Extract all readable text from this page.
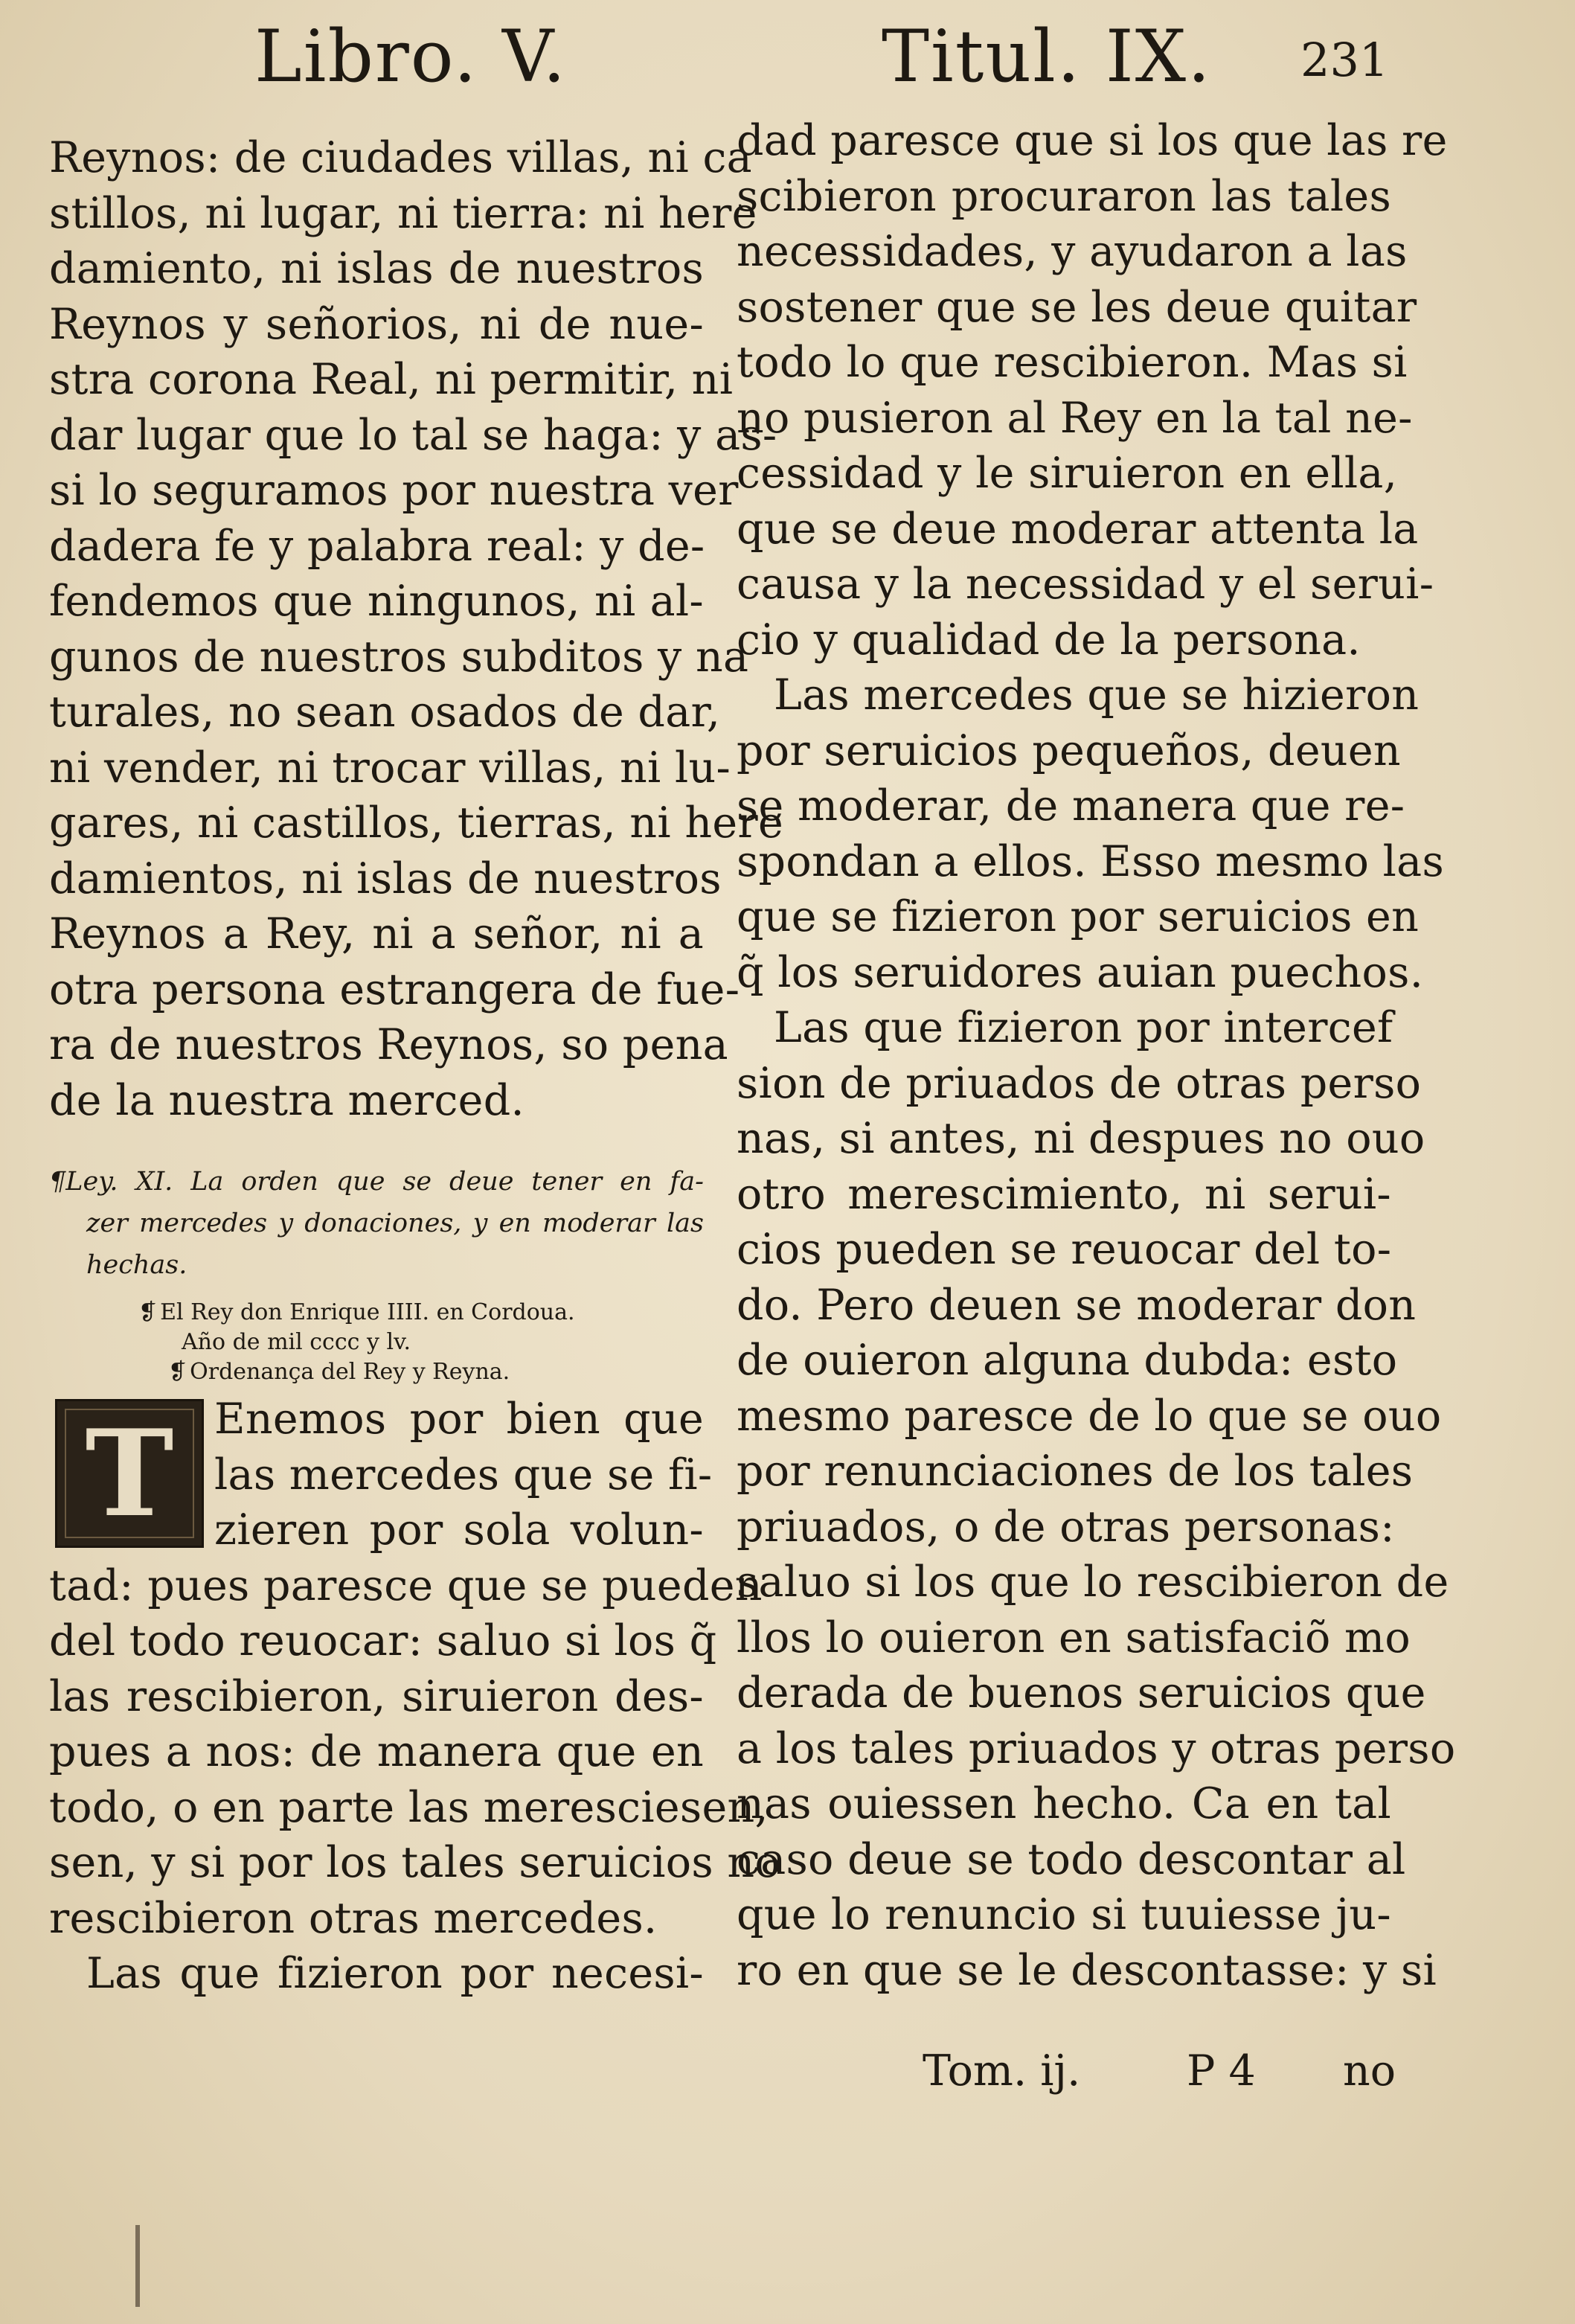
Libro. V.	Titul. IX. 231
Reynos: de ciudades villas, ni ca
stillos, ni lugar, ni tierra: ni here
damiento, ni islas de nuestros
Reynos y señorios, ni de nue-
stra corona Real, ni permitir, ni
dar lugar que lo tal se haga: y as-
si lo seguramos por nuestra ver
dadera fe y palabra real: y de-
fendemos que ningunos, ni al-
gunos de nuestros subditos y na
turales, no sean osados de dar,
ni vender, ni trocar villas, ni lu-
gares, ni castillos, tierras, ni here
damientos, ni islas de nuestros
Reynos a Rey, ni a señor, ni a
otra persona estrangera de fue-
ra de nuestros Reynos, so pena
de la nuestra merced.
¶Ley. XI. La orden que se deue tener en fa-
zer mercedes y donaciones, y en moderar las
hechas.
❡ El Rey don Enrique IIII. en Cordoua.
Año de mil cccc y lv.
❡ Ordenança del Rey y Reyna.
T Enemos por bien que
las mercedes que se fi-
zieren por sola volun-
tad: pues paresce que se pueden
del todo reuocar: saluo si los q̃
las rescibieron, siruieron des-
pues a nos: de manera que en
todo, o en parte las meresciesen,
sen, y si por los tales seruicios no
rescibieron otras mercedes.
Las que fizieron por necesi-
dad paresce que si los que las re
scibieron procuraron las tales
necessidades, y ayudaron a las
sostener que se les deue quitar
todo lo que rescibieron. Mas si
no pusieron al Rey en la tal ne-
cessidad y le siruieron en ella,
que se deue moderar attenta la
causa y la necessidad y el serui-
cio y qualidad de la persona.
Las mercedes que se hizieron
por seruicios pequeños, deuen
se moderar, de manera que re-
spondan a ellos. Esso mesmo las
que se fizieron por seruicios en
q̃ los seruidores auian puechos.
Las que fizieron por intercef
sion de priuados de otras perso
nas, si antes, ni despues no ouo
otro merescimiento, ni serui-
cios pueden se reuocar del to-
do. Pero deuen se moderar don
de ouieron alguna dubda: esto
mesmo paresce de lo que se ouo
por renunciaciones de los tales
priuados, o de otras personas:
saluo si los que lo rescibieron de
llos lo ouieron en satisfaciõ mo
derada de buenos seruicios que
a los tales priuados y otras perso
nas ouiessen hecho. Ca en tal
caso deue se todo descontar al
que lo renuncio si tuuiesse ju-
ro en que se le descontasse: y si
Tom. ij.	P 4 no
